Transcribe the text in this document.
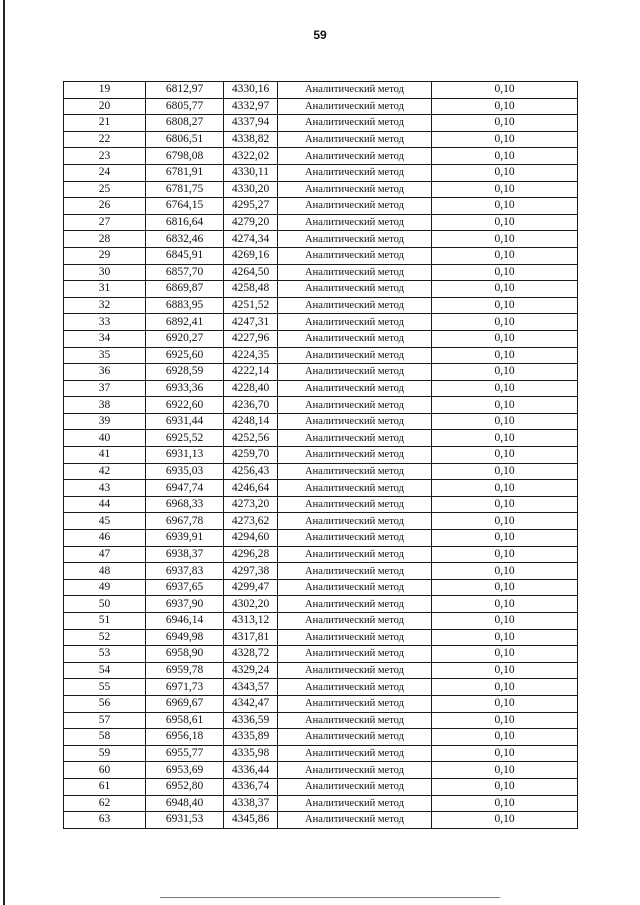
59
19	6812,97	4330,16	Аналитический метод	0,10
20	6805,77	4332,97	Аналитический метод	0,10
21	6808,27	4337,94	Аналитический метод	0,10
22	6806,51	4338,82	Аналитический метод	0,10
23	6798,08	4322,02	Аналитический метод	0,10
24	6781,91	4330,11	Аналитический метод	0,10
25	6781,75	4330,20	Аналитический метод	0,10
26	6764,15	4295,27	Аналитический метод	0,10
27	6816,64	4279,20	Аналитический метод	0,10
28	6832,46	4274,34	Аналитический метод	0,10
29	6845,91	4269,16	Аналитический метод	0,10
30	6857,70	4264,50	Аналитический метод	0,10
31	6869,87	4258,48	Аналитический метод	0,10
32	6883,95	4251,52	Аналитический метод	0,10
33	6892,41	4247,31	Аналитический метод	0,10
34	6920,27	4227,96	Аналитический метод	0,10
35	6925,60	4224,35	Аналитический метод	0,10
36	6928,59	4222,14	Аналитический метод	0,10
37	6933,36	4228,40	Аналитический метод	0,10
38	6922,60	4236,70	Аналитический метод	0,10
39	6931,44	4248,14	Аналитический метод	0,10
40	6925,52	4252,56	Аналитический метод	0,10
41	6931,13	4259,70	Аналитический метод	0,10
42	6935,03	4256,43	Аналитический метод	0,10
43	6947,74	4246,64	Аналитический метод	0,10
44	6968,33	4273,20	Аналитический метод	0,10
45	6967,78	4273,62	Аналитический метод	0,10
46	6939,91	4294,60	Аналитический метод	0,10
47	6938,37	4296,28	Аналитический метод	0,10
48	6937,83	4297,38	Аналитический метод	0,10
49	6937,65	4299,47	Аналитический метод	0,10
50	6937,90	4302,20	Аналитический метод	0,10
51	6946,14	4313,12	Аналитический метод	0,10
52	6949,98	4317,81	Аналитический метод	0,10
53	6958,90	4328,72	Аналитический метод	0,10
54	6959,78	4329,24	Аналитический метод	0,10
55	6971,73	4343,57	Аналитический метод	0,10
56	6969,67	4342,47	Аналитический метод	0,10
57	6958,61	4336,59	Аналитический метод	0,10
58	6956,18	4335,89	Аналитический метод	0,10
59	6955,77	4335,98	Аналитический метод	0,10
60	6953,69	4336,44	Аналитический метод	0,10
61	6952,80	4336,74	Аналитический метод	0,10
62	6948,40	4338,37	Аналитический метод	0,10
63	6931,53	4345,86	Аналитический метод	0,10
